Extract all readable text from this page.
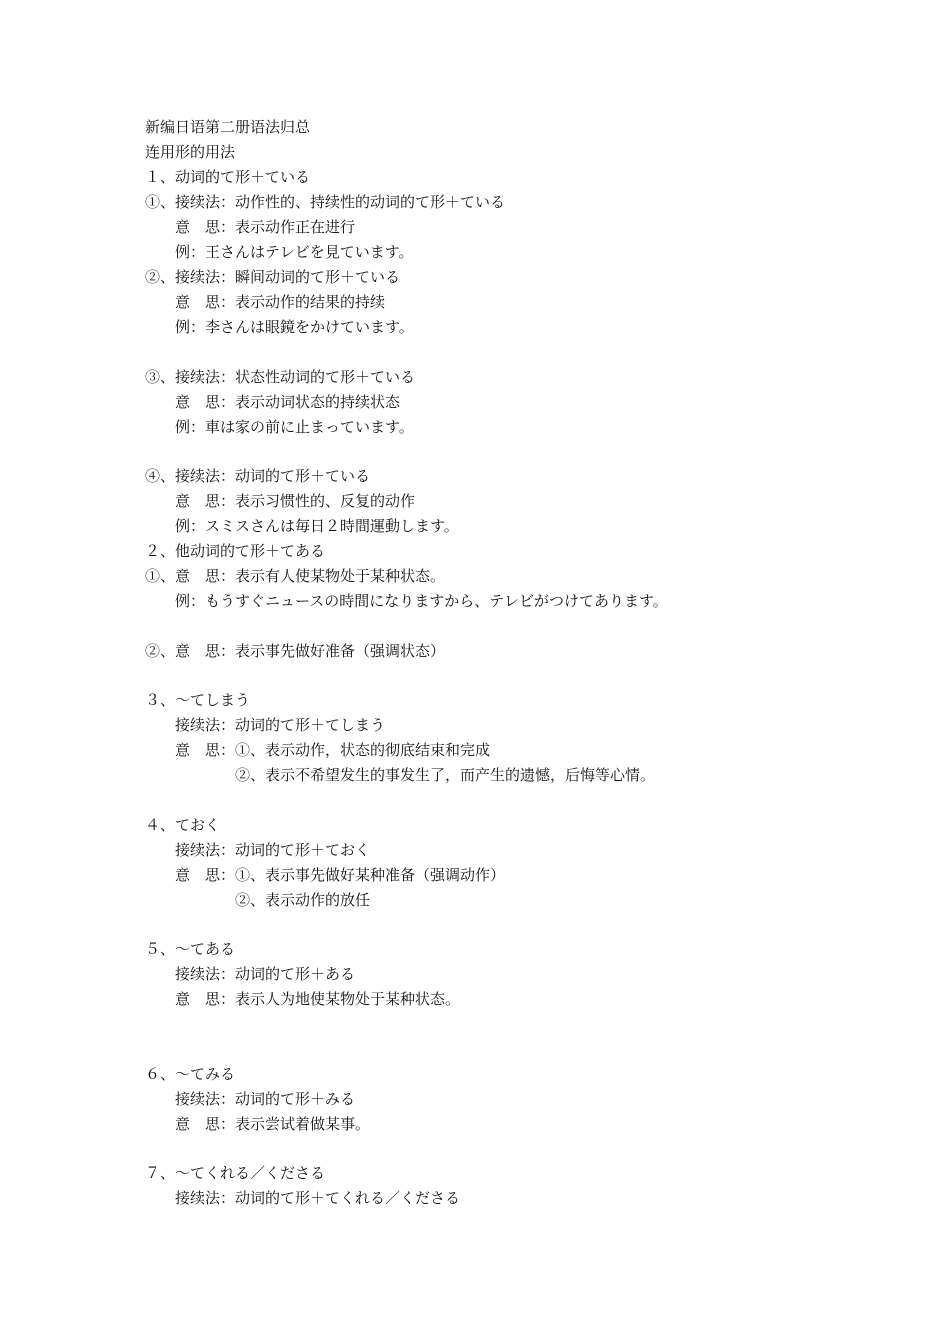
新编日语第二册语法归总
连用形的用法
１、动词的て形＋ている
①、接续法：动作性的、持续性的动词的て形＋ている
　　意　思：表示动作正在进行
　　例：王さんはテレビを見ています。
②、接续法：瞬间动词的て形＋ている
　　意　思：表示动作的结果的持续
　　例：李さんは眼鏡をかけています。
③、接续法：状态性动词的て形＋ている
　　意　思：表示动词状态的持续状态
　　例：車は家の前に止まっています。
④、接续法：动词的て形＋ている
　　意　思：表示习惯性的、反复的动作
　　例：スミスさんは毎日２時間運動します。
２、他动词的て形＋てある
①、意　思：表示有人使某物处于某种状态。
　　例：もうすぐニュースの時間になりますから、テレビがつけてあります。
②、意　思：表示事先做好准备（强调状态）
３、～てしまう
　　接续法：动词的て形＋てしまう
　　意　思：①、表示动作，状态的彻底结束和完成
　　　　　　②、表示不希望发生的事发生了，而产生的遗憾，后悔等心情。
４、ておく
　　接续法：动词的て形＋ておく
　　意　思：①、表示事先做好某种准备（强调动作）
　　　　　　②、表示动作的放任
５、～てある
　　接续法：动词的て形＋ある
　　意　思：表示人为地使某物处于某种状态。
６、～てみる
　　接续法：动词的て形＋みる
　　意　思：表示尝试着做某事。
７、～てくれる／くださる
　　接续法：动词的て形＋てくれる／くださる
